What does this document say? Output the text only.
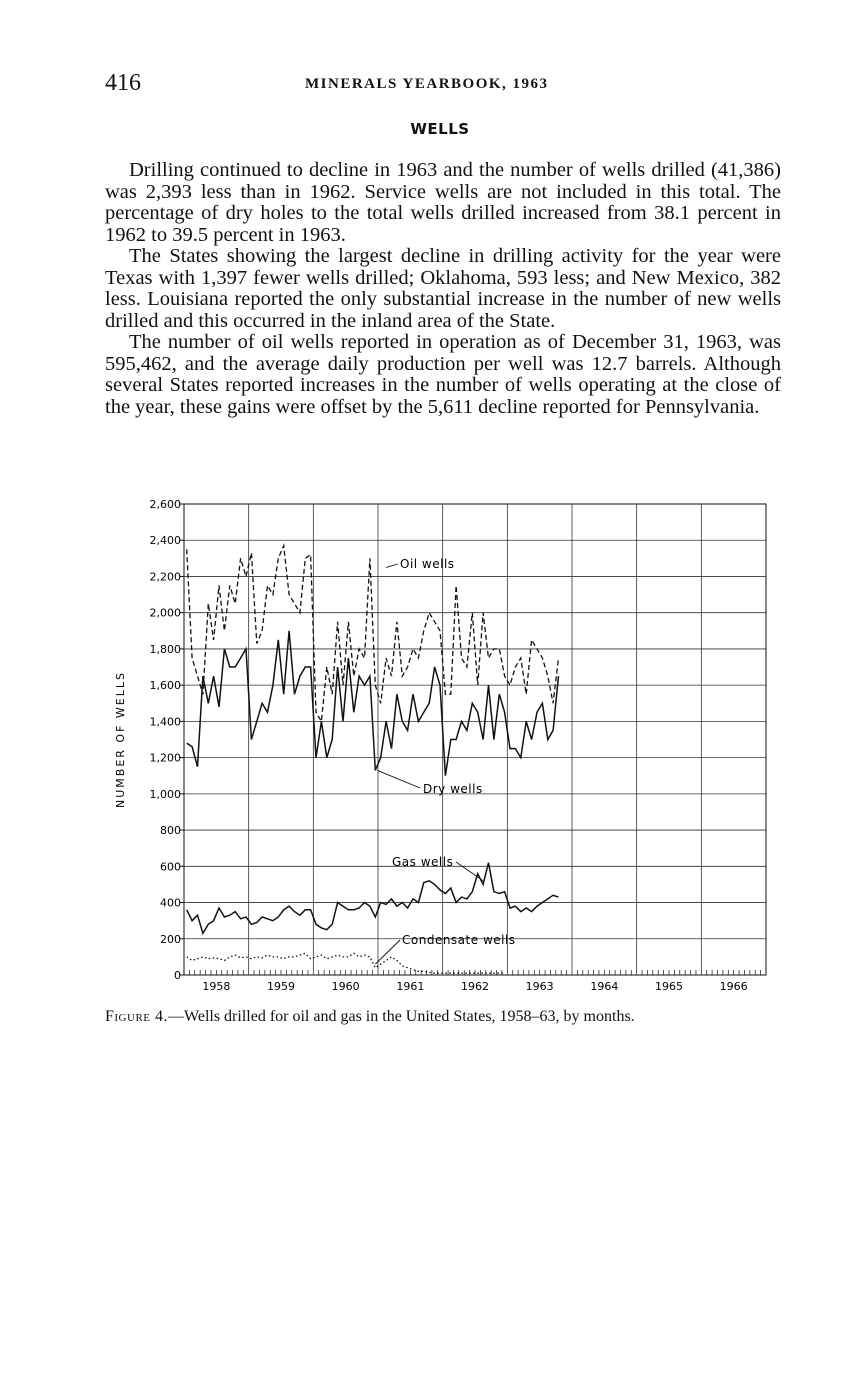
416	MINERALS YEARBOOK, 1963
WELLS

Drilling continued to decline in 1963 and the number of wells drilled (41,386) was 2,393 less than in 1962. Service wells are not included in this total. The percentage of dry holes to the total wells drilled increased from 38.1 percent in 1962 to 39.5 percent in 1963.

The States showing the largest decline in drilling activity for the year were Texas with 1,397 fewer wells drilled; Oklahoma, 593 less; and New Mexico, 382 less. Louisiana reported the only substantial increase in the number of new wells drilled and this occurred in the inland area of the State.

The number of oil wells reported in operation as of December 31, 1963, was 595,462, and the average daily production per well was 12.7 barrels. Although several States reported increases in the number of wells operating at the close of the year, these gains were offset by the 5,611 decline reported for Pennsylvania.

0
200
400
600
800
1,000
1,200
1,400
1,600
1,800
2,000
2,200
2,400
2,600
1958	1959	1960	1961	1962	1963	1964	1965	1966
NUMBER OF WELLS
Oil wells
Dry wells
Gas wells
Condensate wells
Figure 4.—Wells drilled for oil and gas in the United States, 1958–63, by months.
